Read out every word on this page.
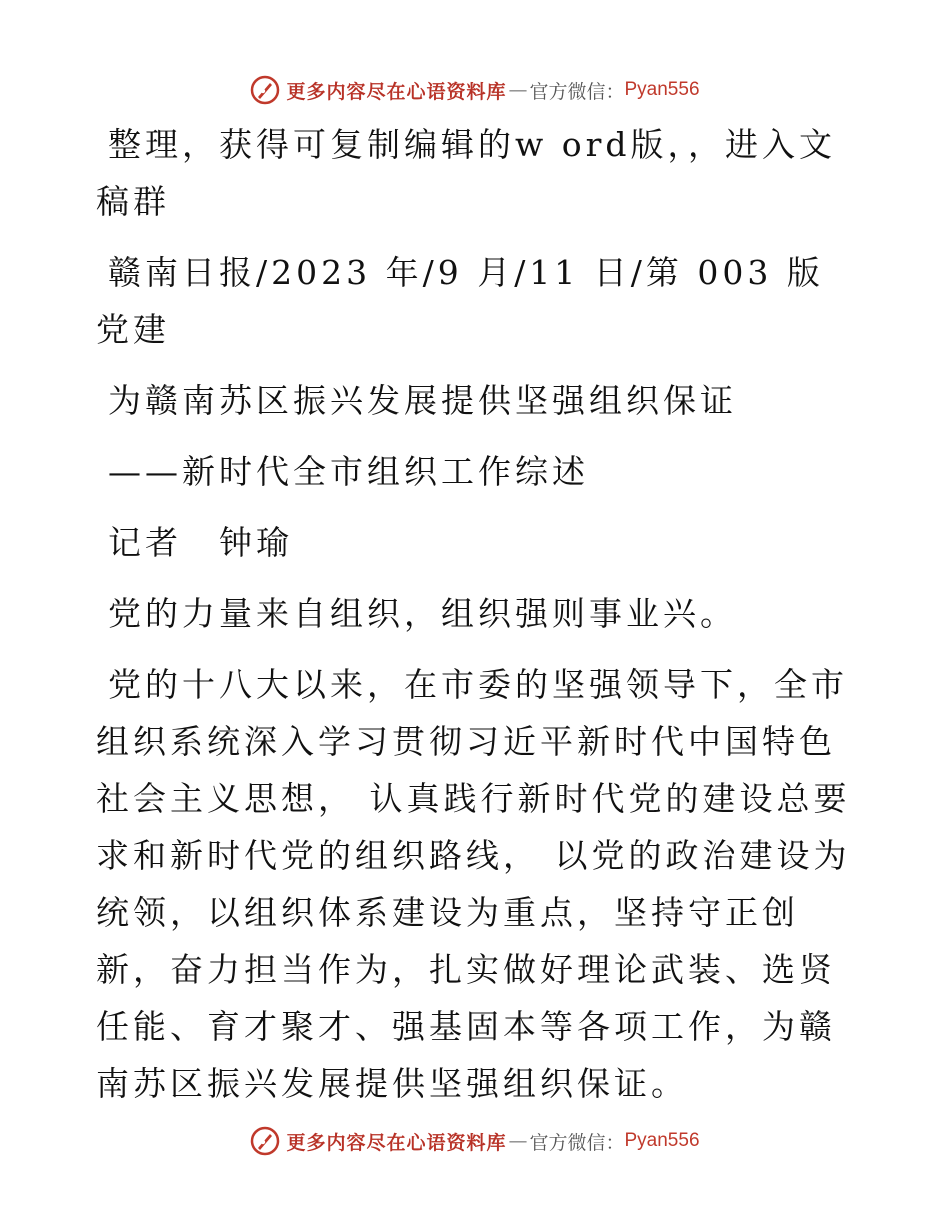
更多内容尽在心语资料库 — 官方微信： Pyan556

整理，获得可复制编辑的w ord版，，进入文稿群

赣南日报/2023 年/9 月/11 日/第 003 版党建

为赣南苏区振兴发展提供坚强组织保证

——新时代全市组织工作综述

记者　钟瑜

党的力量来自组织，组织强则事业兴。

党的十八大以来，在市委的坚强领导下，全市组织系统深入学习贯彻习近平新时代中国特色社会主义思想， 认真践行新时代党的建设总要求和新时代党的组织路线， 以党的政治建设为统领，以组织体系建设为重点，坚持守正创新，奋力担当作为，扎实做好理论武装、选贤任能、育才聚才、强基固本等各项工作，为赣南苏区振兴发展提供坚强组织保证。

更多内容尽在心语资料库 — 官方微信： Pyan556
